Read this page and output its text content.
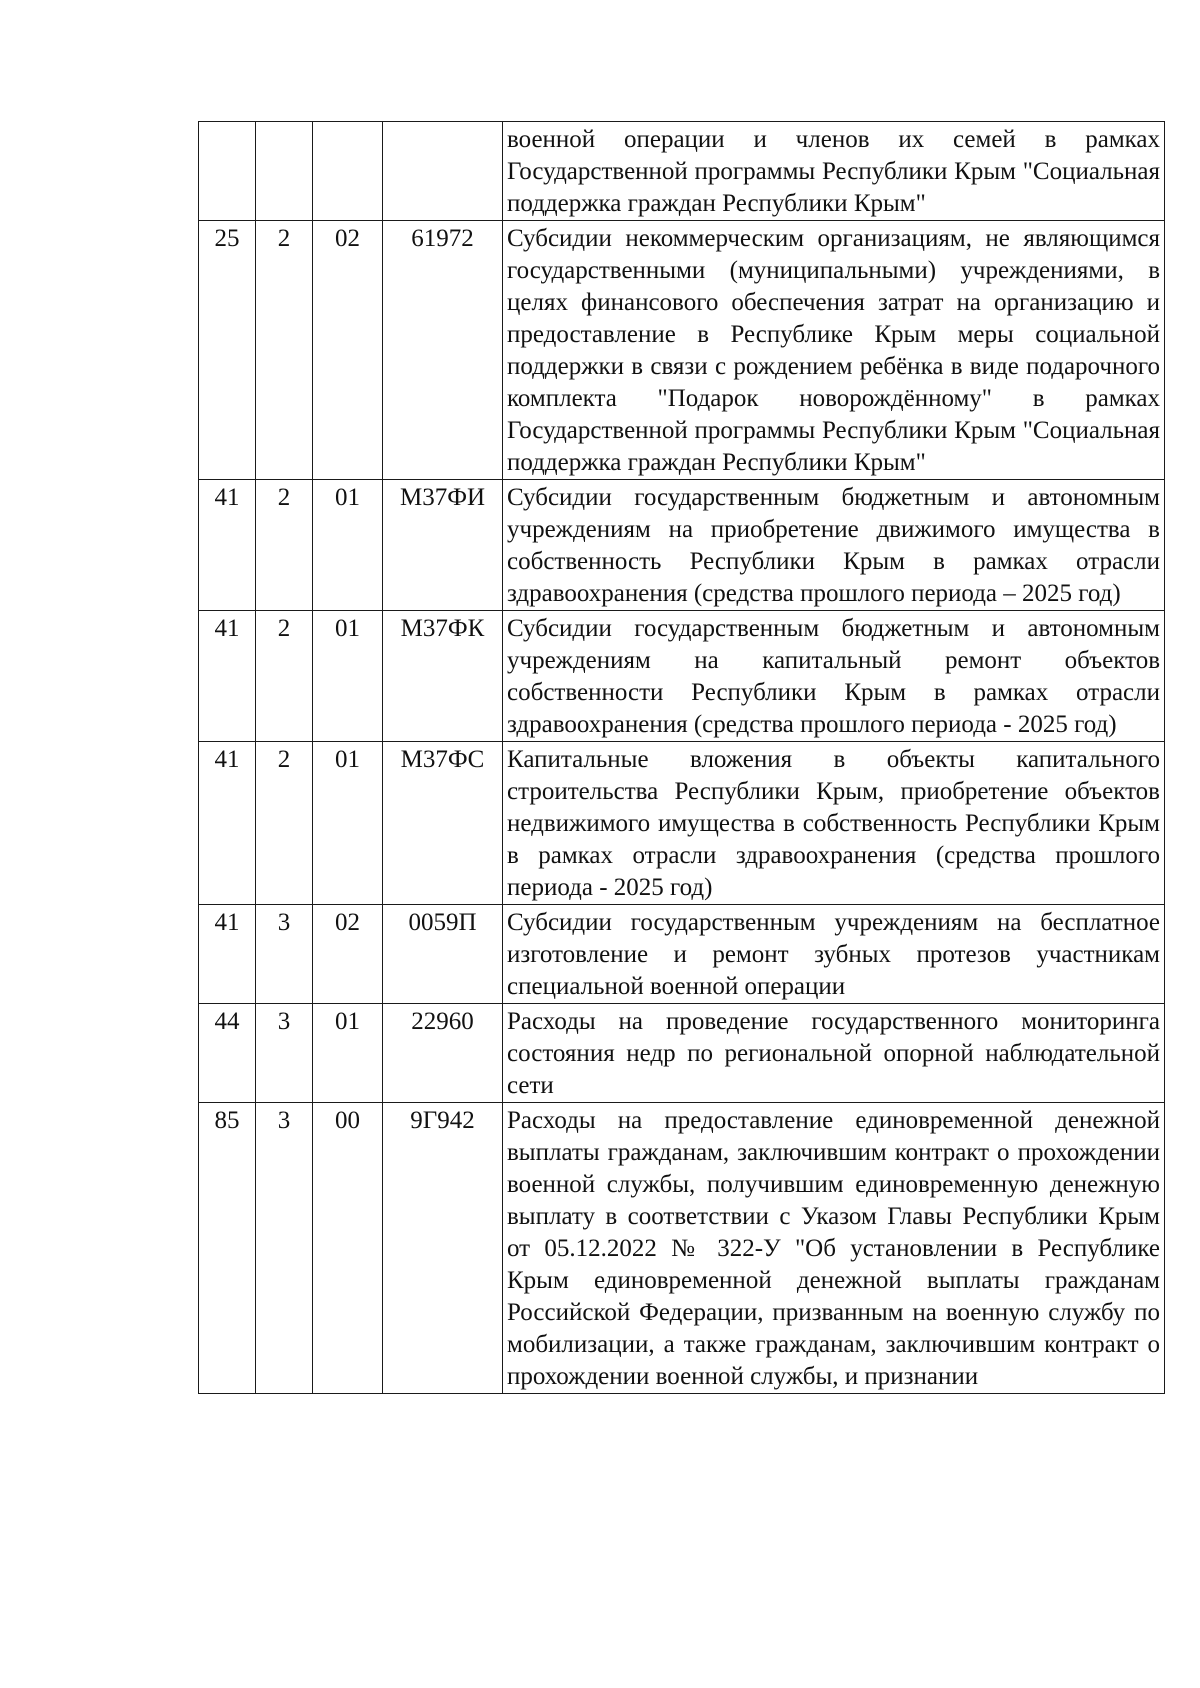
				военной операции и членов их семей в рамках Государственной программы Республики Крым "Социальная поддержка граждан Республики Крым"
25	2	02	61972	Субсидии некоммерческим организациям, не являющимся государственными (муниципальными) учреждениями, в целях финансового обеспечения затрат на организацию и предоставление в Республике Крым меры социальной поддержки в связи с рождением ребёнка в виде подарочного комплекта "Подарок новорождённому" в рамках Государственной программы Республики Крым "Социальная поддержка граждан Республики Крым"
41	2	01	М37ФИ	Субсидии государственным бюджетным и автономным учреждениям на приобретение движимого имущества в собственность Республики Крым в рамках отрасли здравоохранения (средства прошлого периода – 2025 год)
41	2	01	М37ФК	Субсидии государственным бюджетным и автономным учреждениям на капитальный ремонт объектов собственности Республики Крым в рамках отрасли здравоохранения (средства прошлого периода - 2025 год)
41	2	01	М37ФС	Капитальные вложения в объекты капитального строительства Республики Крым, приобретение объектов недвижимого имущества в собственность Республики Крым в рамках отрасли здравоохранения (средства прошлого периода - 2025 год)
41	3	02	0059П	Субсидии государственным учреждениям на бесплатное изготовление и ремонт зубных протезов участникам специальной военной операции
44	3	01	22960	Расходы на проведение государственного мониторинга состояния недр по региональной опорной наблюдательной сети
85	3	00	9Г942	Расходы на предоставление единовременной денежной выплаты гражданам, заключившим контракт о прохождении военной службы, получившим единовременную денежную выплату в соответствии с Указом Главы Республики Крым от 05.12.2022 № 322-У "Об установлении в Республике Крым единовременной денежной выплаты гражданам Российской Федерации, призванным на военную службу по мобилизации, а также гражданам, заключившим контракт о прохождении военной службы, и признании
